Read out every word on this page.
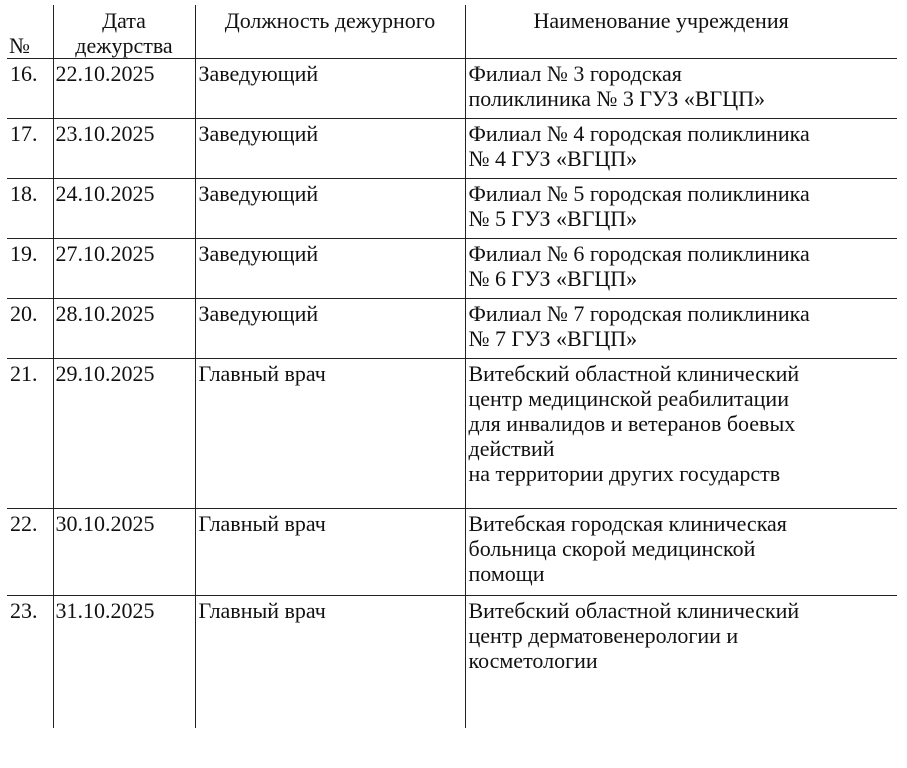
№	Дата дежурства	Должность дежурного	Наименование учреждения
16.	22.10.2025	Заведующий	Филиал № 3 городская
поликлиника № 3 ГУЗ «ВГЦП»
17.	23.10.2025	Заведующий	Филиал № 4 городская поликлиника
№ 4 ГУЗ «ВГЦП»
18.	24.10.2025	Заведующий	Филиал № 5 городская поликлиника
№ 5 ГУЗ «ВГЦП»
19.	27.10.2025	Заведующий	Филиал № 6 городская поликлиника
№ 6 ГУЗ «ВГЦП»
20.	28.10.2025	Заведующий	Филиал № 7 городская поликлиника
№ 7 ГУЗ «ВГЦП»
21.	29.10.2025	Главный врач	Витебский областной клинический
центр медицинской реабилитации
для инвалидов и ветеранов боевых
действий
на территории других государств
22.	30.10.2025	Главный врач	Витебская городская клиническая
больница скорой медицинской
помощи
23.	31.10.2025	Главный врач	Витебский областной клинический
центр дерматовенерологии и
косметологии
